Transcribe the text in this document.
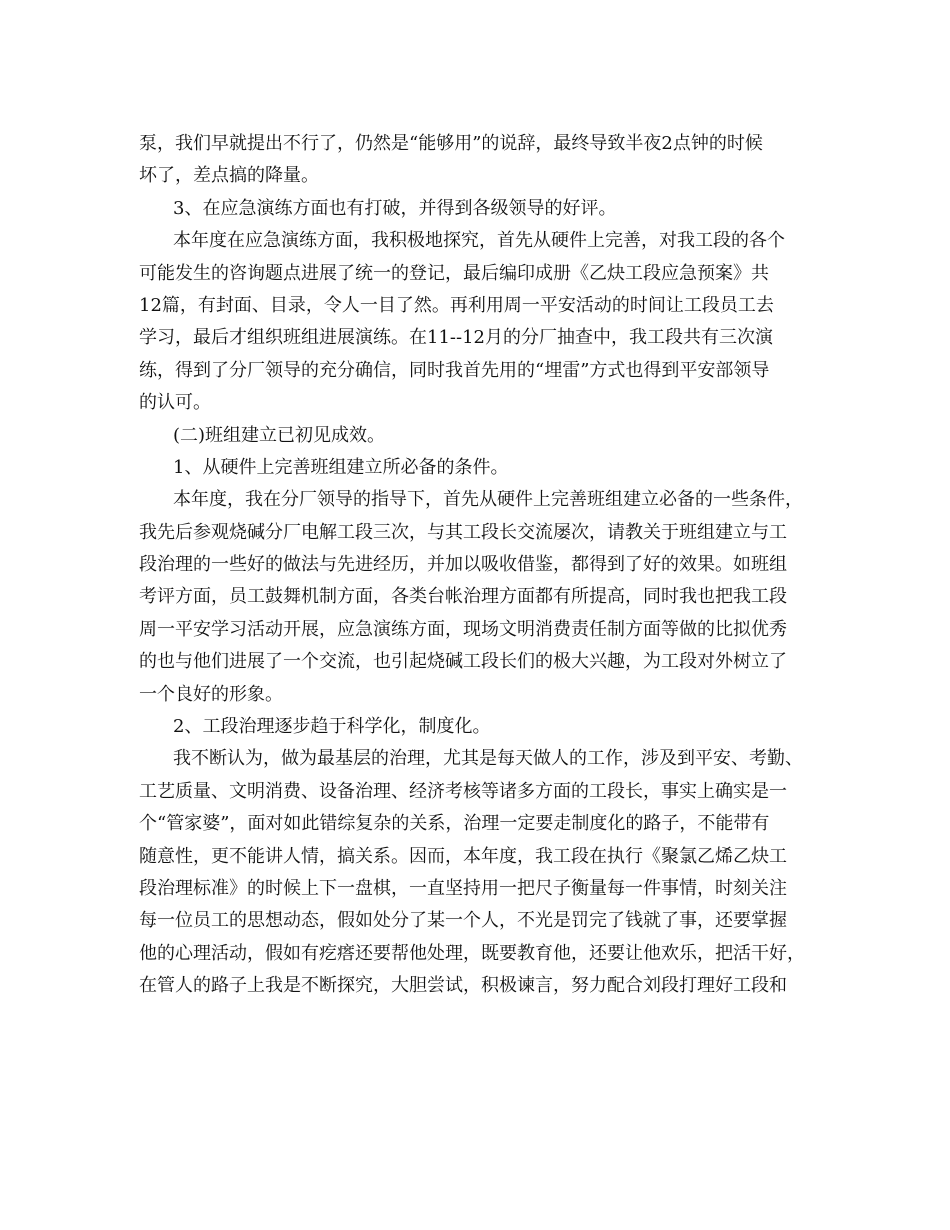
泵，我们早就提出不行了，仍然是“能够用”的说辞，最终导致半夜2点钟的时候
坏了，差点搞的降量。
3、在应急演练方面也有打破，并得到各级领导的好评。
本年度在应急演练方面，我积极地探究，首先从硬件上完善，对我工段的各个
可能发生的咨询题点进展了统一的登记，最后编印成册《乙炔工段应急预案》共
12篇，有封面、目录，令人一目了然。再利用周一平安活动的时间让工段员工去
学习，最后才组织班组进展演练。在11--12月的分厂抽查中，我工段共有三次演
练，得到了分厂领导的充分确信，同时我首先用的“埋雷”方式也得到平安部领导
的认可。
(二)班组建立已初见成效。
1、从硬件上完善班组建立所必备的条件。
本年度，我在分厂领导的指导下，首先从硬件上完善班组建立必备的一些条件，
我先后参观烧碱分厂电解工段三次，与其工段长交流屡次，请教关于班组建立与工
段治理的一些好的做法与先进经历，并加以吸收借鉴，都得到了好的效果。如班组
考评方面，员工鼓舞机制方面，各类台帐治理方面都有所提高，同时我也把我工段
周一平安学习活动开展，应急演练方面，现场文明消费责任制方面等做的比拟优秀
的也与他们进展了一个交流，也引起烧碱工段长们的极大兴趣，为工段对外树立了
一个良好的形象。
2、工段治理逐步趋于科学化，制度化。
我不断认为，做为最基层的治理，尤其是每天做人的工作，涉及到平安、考勤、
工艺质量、文明消费、设备治理、经济考核等诸多方面的工段长，事实上确实是一
个“管家婆”，面对如此错综复杂的关系，治理一定要走制度化的路子，不能带有
随意性，更不能讲人情，搞关系。因而，本年度，我工段在执行《聚氯乙烯乙炔工
段治理标准》的时候上下一盘棋，一直坚持用一把尺子衡量每一件事情，时刻关注
每一位员工的思想动态，假如处分了某一个人，不光是罚完了钱就了事，还要掌握
他的心理活动，假如有疙瘩还要帮他处理，既要教育他，还要让他欢乐，把活干好，
在管人的路子上我是不断探究，大胆尝试，积极谏言，努力配合刘段打理好工段和
